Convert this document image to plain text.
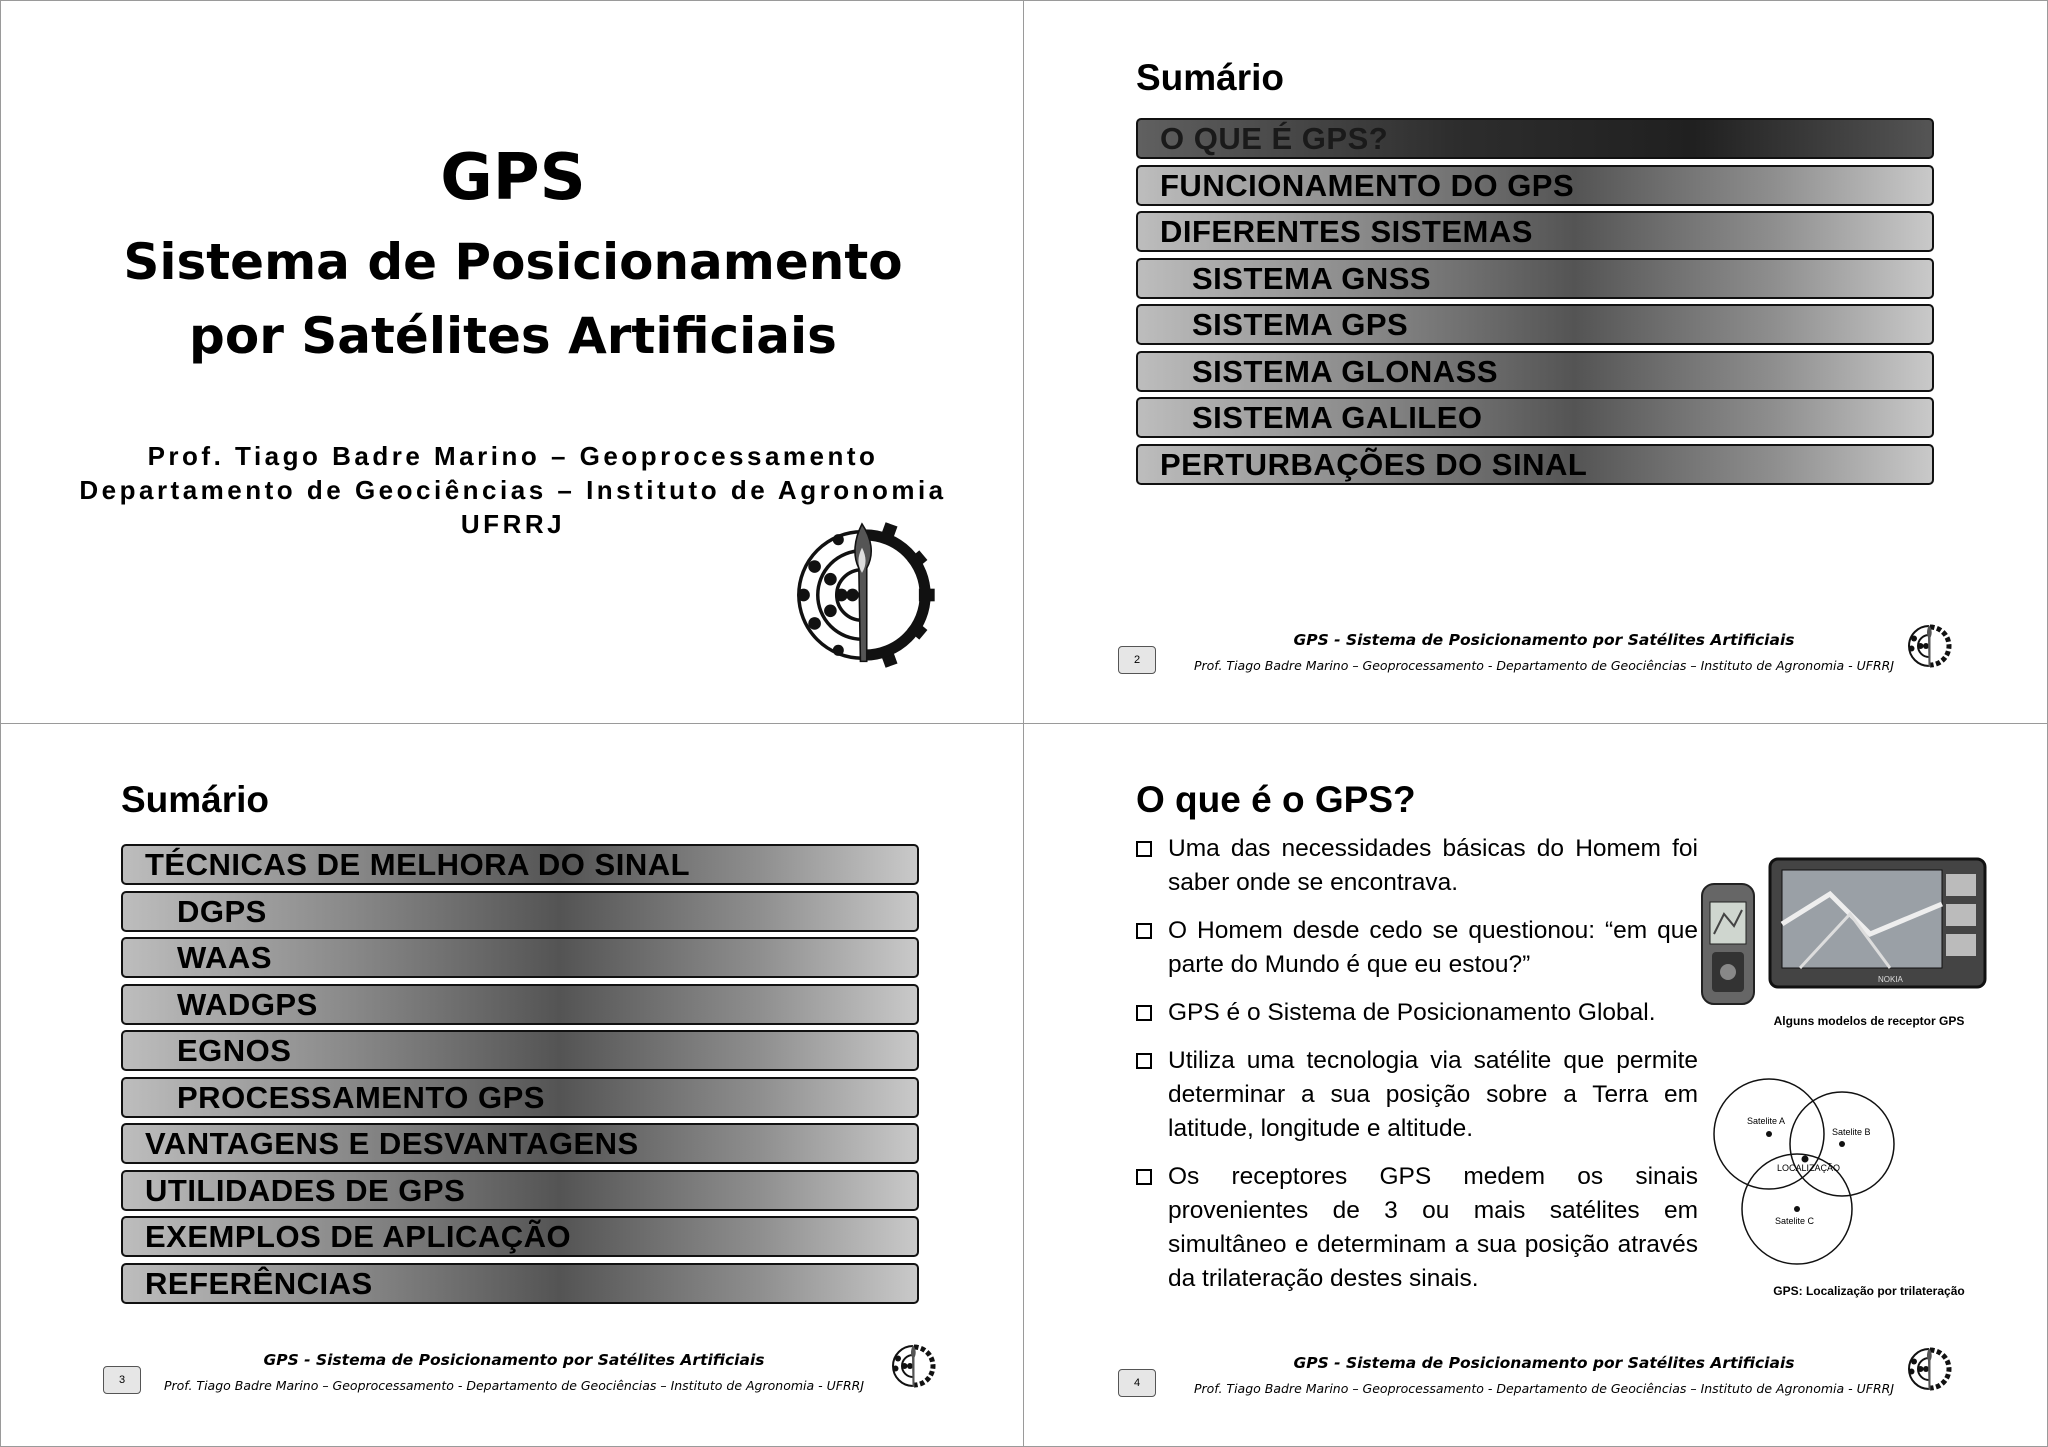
GPS
Sistema de Posicionamento
por Satélites Artificiais
Prof. Tiago Badre Marino – Geoprocessamento
Departamento de Geociências – Instituto de Agronomia
UFRRJ
Sumário
O QUE É GPS?
FUNCIONAMENTO DO GPS
DIFERENTES SISTEMAS
SISTEMA GNSS
SISTEMA GPS
SISTEMA GLONASS
SISTEMA GALILEO
PERTURBAÇÕES DO SINAL
2
GPS - Sistema de Posicionamento por Satélites Artificiais
Prof. Tiago Badre Marino – Geoprocessamento - Departamento de Geociências – Instituto de Agronomia - UFRRJ
Sumário
TÉCNICAS DE MELHORA DO SINAL
DGPS
WAAS
WADGPS
EGNOS
PROCESSAMENTO GPS
VANTAGENS E DESVANTAGENS
UTILIDADES DE GPS
EXEMPLOS DE APLICAÇÃO
REFERÊNCIAS
3
GPS - Sistema de Posicionamento por Satélites Artificiais
Prof. Tiago Badre Marino – Geoprocessamento - Departamento de Geociências – Instituto de Agronomia - UFRRJ
O que é o GPS?
Uma das necessidades básicas do Homem foi saber onde se encontrava.
O Homem desde cedo se questionou: “em que parte do Mundo é que eu estou?”
GPS é o Sistema de Posicionamento Global.
Utiliza uma tecnologia via satélite que permite determinar a sua posição sobre a Terra em latitude, longitude e altitude.
Os receptores GPS medem os sinais provenientes de 3 ou mais satélites em simultâneo e determinam a sua posição através da trilateração destes sinais.
NOKIA
Alguns modelos de receptor GPS
Satelite A
Satelite B
Satelite C
LOCALIZAÇÃO
GPS: Localização por trilateração
4
GPS - Sistema de Posicionamento por Satélites Artificiais
Prof. Tiago Badre Marino – Geoprocessamento - Departamento de Geociências – Instituto de Agronomia - UFRRJ
